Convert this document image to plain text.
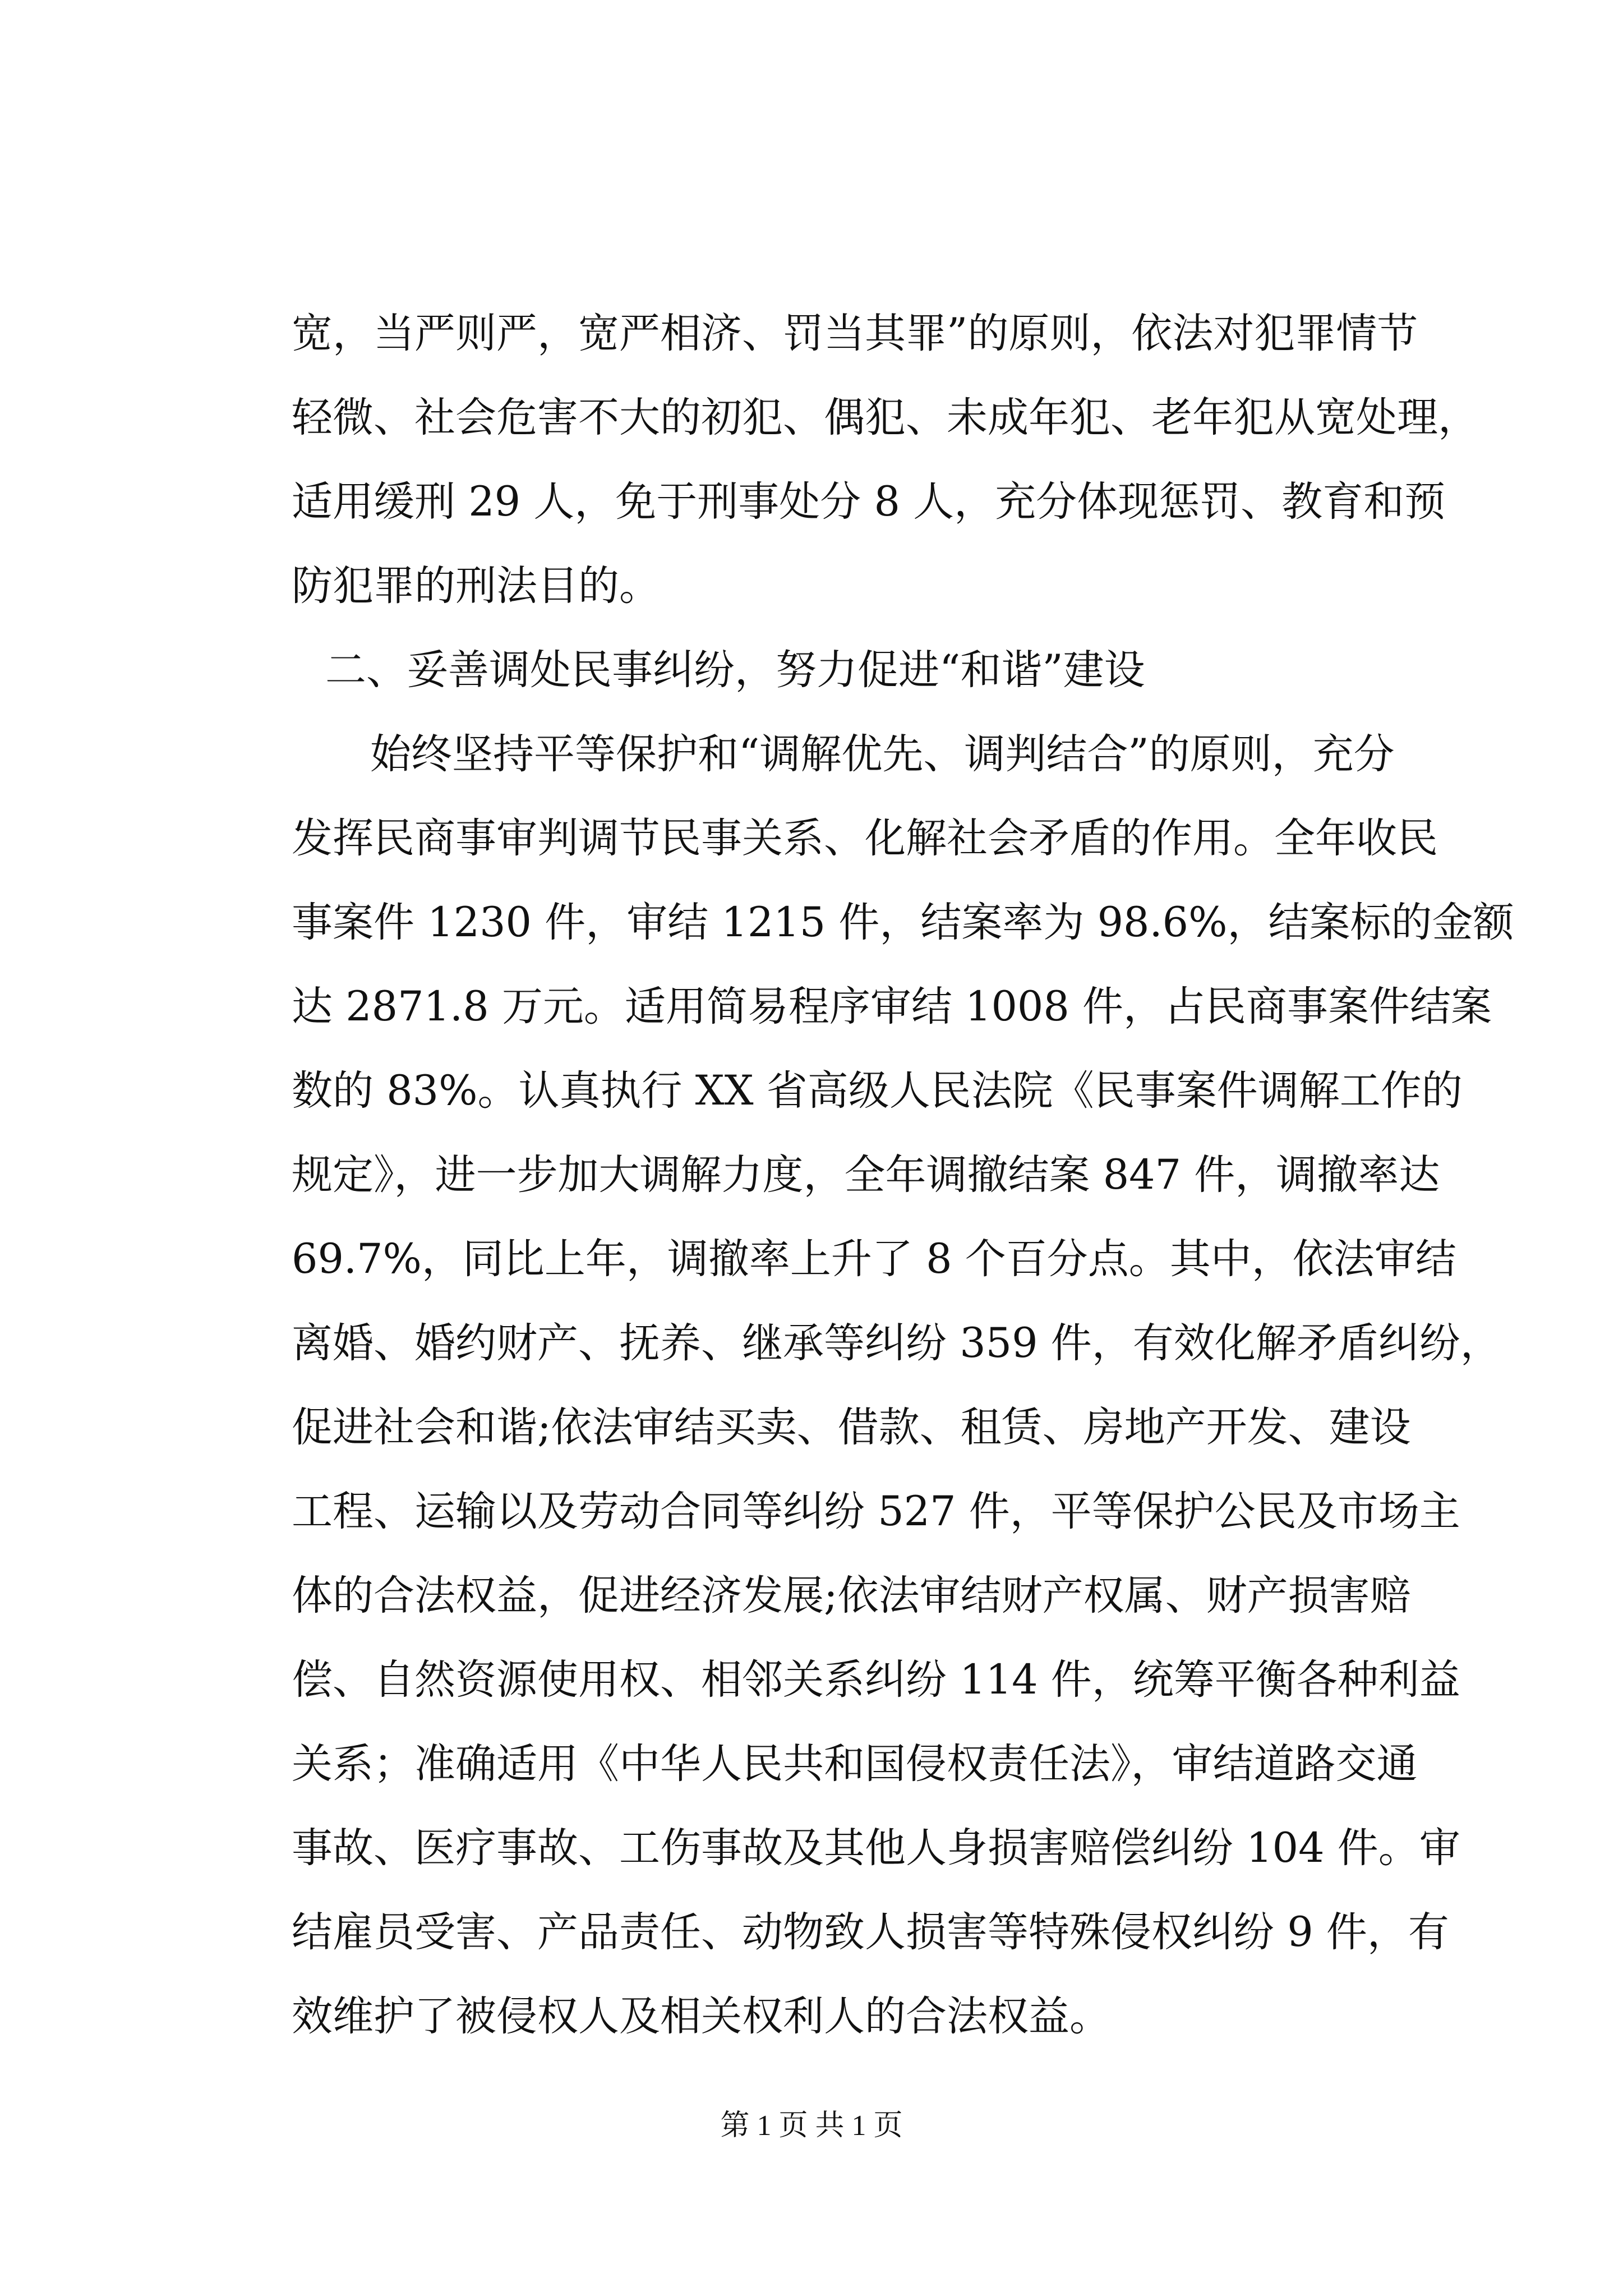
宽，当严则严，宽严相济、罚当其罪”的原则，依法对犯罪情节
轻微、社会危害不大的初犯、偶犯、未成年犯、老年犯从宽处理，
适用缓刑 29 人，免于刑事处分 8 人，充分体现惩罚、教育和预
防犯罪的刑法目的。
二、妥善调处民事纠纷，努力促进“和谐”建设
始终坚持平等保护和“调解优先、调判结合”的原则，充分
发挥民商事审判调节民事关系、化解社会矛盾的作用。全年收民
事案件 1230 件，审结 1215 件，结案率为 98.6%，结案标的金额
达 2871.8 万元。适用简易程序审结 1008 件，占民商事案件结案
数的 83%。认真执行 XX 省高级人民法院《民事案件调解工作的
规定》，进一步加大调解力度，全年调撤结案 847 件，调撤率达
69.7%，同比上年，调撤率上升了 8 个百分点。其中，依法审结
离婚、婚约财产、抚养、继承等纠纷 359 件，有效化解矛盾纠纷，
促进社会和谐;依法审结买卖、借款、租赁、房地产开发、建设
工程、运输以及劳动合同等纠纷 527 件，平等保护公民及市场主
体的合法权益，促进经济发展;依法审结财产权属、财产损害赔
偿、自然资源使用权、相邻关系纠纷 114 件，统筹平衡各种利益
关系；准确适用《中华人民共和国侵权责任法》，审结道路交通
事故、医疗事故、工伤事故及其他人身损害赔偿纠纷 104 件。审
结雇员受害、产品责任、动物致人损害等特殊侵权纠纷 9 件，有
效维护了被侵权人及相关权利人的合法权益。
第 1 页 共 1 页
